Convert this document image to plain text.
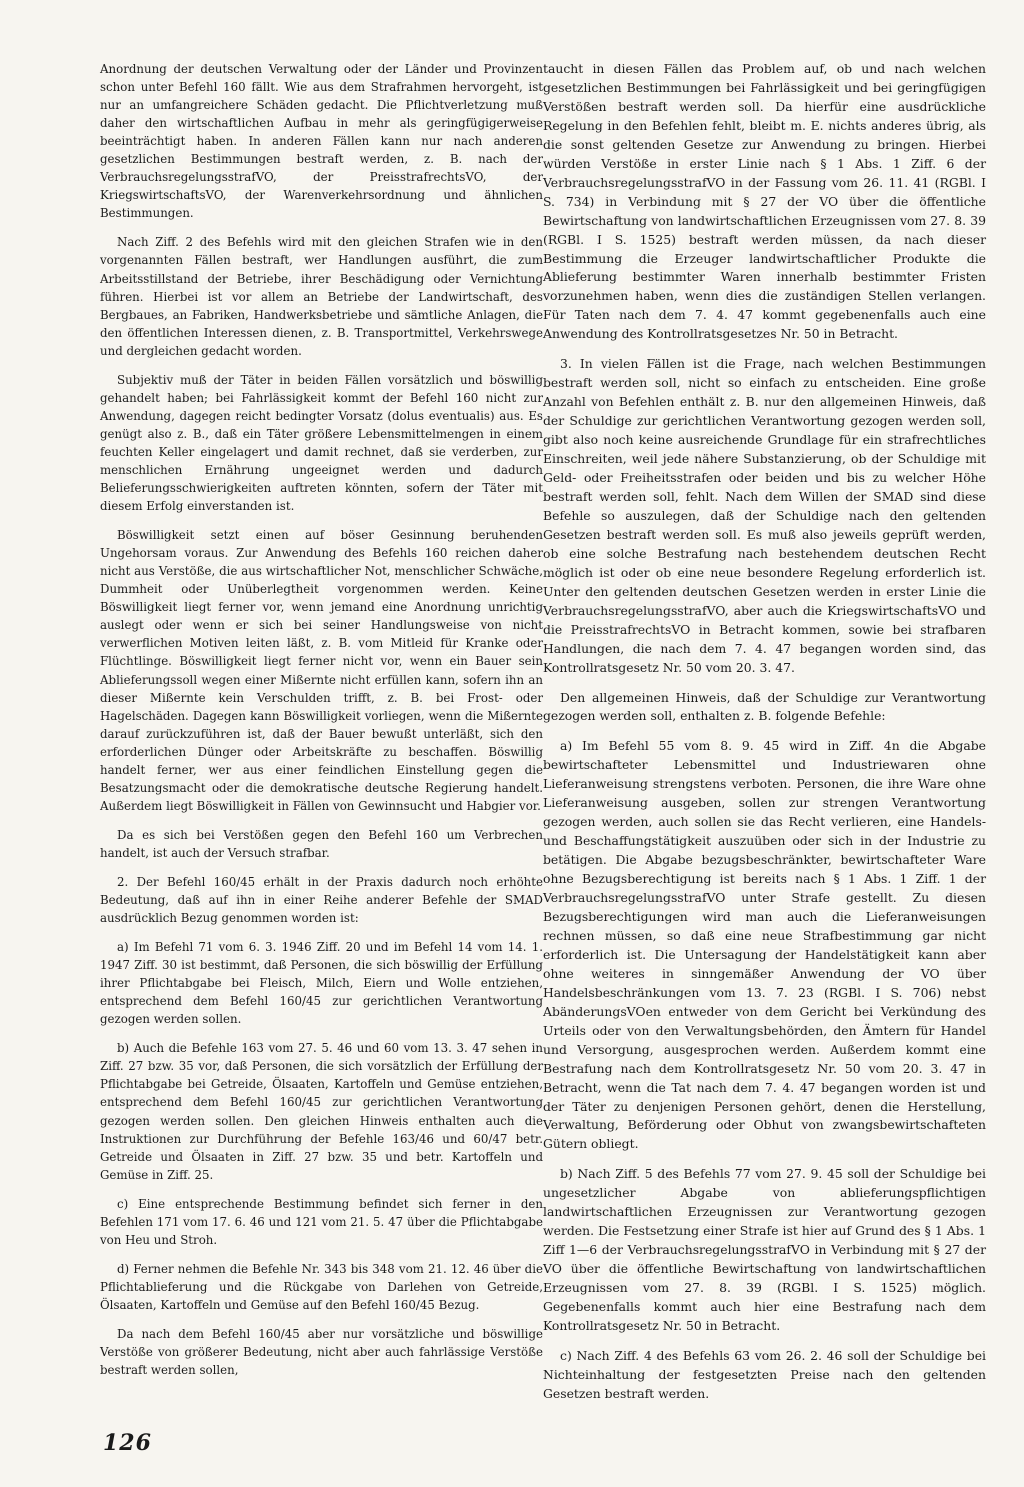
Anordnung der deutschen Verwaltung oder der Länder und Provinzen schon unter Befehl 160 fällt. Wie aus dem Strafrahmen hervorgeht, ist nur an umfangreichere Schäden gedacht. Die Pflichtverletzung muß daher den wirtschaftlichen Aufbau in mehr als geringfügigerweise beeinträchtigt haben. In anderen Fällen kann nur nach anderen gesetzlichen Bestimmungen bestraft werden, z. B. nach der VerbrauchsregelungsstrafVO, der PreisstrafrechtsVO, der KriegswirtschaftsVO, der Warenverkehrsordnung und ähnlichen Bestimmungen.

Nach Ziff. 2 des Befehls wird mit den gleichen Strafen wie in den vorgenannten Fällen bestraft, wer Handlungen ausführt, die zum Arbeitsstillstand der Betriebe, ihrer Beschädigung oder Vernichtung führen. Hierbei ist vor allem an Betriebe der Landwirtschaft, des Bergbaues, an Fabriken, Handwerksbetriebe und sämtliche Anlagen, die den öffentlichen Interessen dienen, z. B. Transportmittel, Verkehrswege und dergleichen gedacht worden.

Subjektiv muß der Täter in beiden Fällen vorsätzlich und böswillig gehandelt haben; bei Fahrlässigkeit kommt der Befehl 160 nicht zur Anwendung, dagegen reicht bedingter Vorsatz (dolus eventualis) aus. Es genügt also z. B., daß ein Täter größere Lebensmittelmengen in einem feuchten Keller eingelagert und damit rechnet, daß sie verderben, zur menschlichen Ernährung ungeeignet werden und dadurch Belieferungsschwierigkeiten auftreten könnten, sofern der Täter mit diesem Erfolg einverstanden ist.

Böswilligkeit setzt einen auf böser Gesinnung beruhenden Ungehorsam voraus. Zur Anwendung des Befehls 160 reichen daher nicht aus Verstöße, die aus wirtschaftlicher Not, menschlicher Schwäche, Dummheit oder Unüberlegtheit vorgenommen werden. Keine Böswilligkeit liegt ferner vor, wenn jemand eine Anordnung unrichtig auslegt oder wenn er sich bei seiner Handlungsweise von nicht verwerflichen Motiven leiten läßt, z. B. vom Mitleid für Kranke oder Flüchtlinge. Böswilligkeit liegt ferner nicht vor, wenn ein Bauer sein Ablieferungssoll wegen einer Mißernte nicht erfüllen kann, sofern ihn an dieser Mißernte kein Verschulden trifft, z. B. bei Frost- oder Hagelschäden. Dagegen kann Böswilligkeit vorliegen, wenn die Mißernte darauf zurückzuführen ist, daß der Bauer bewußt unterläßt, sich den erforderlichen Dünger oder Arbeitskräfte zu beschaffen. Böswillig handelt ferner, wer aus einer feindlichen Einstellung gegen die Besatzungsmacht oder die demokratische deutsche Regierung handelt. Außerdem liegt Böswilligkeit in Fällen von Gewinnsucht und Habgier vor.

Da es sich bei Verstößen gegen den Befehl 160 um Verbrechen handelt, ist auch der Versuch strafbar.

2. Der Befehl 160/45 erhält in der Praxis dadurch noch erhöhte Bedeutung, daß auf ihn in einer Reihe anderer Befehle der SMAD ausdrücklich Bezug genommen worden ist:

a) Im Befehl 71 vom 6. 3. 1946 Ziff. 20 und im Befehl 14 vom 14. 1. 1947 Ziff. 30 ist bestimmt, daß Personen, die sich böswillig der Erfüllung ihrer Pflichtabgabe bei Fleisch, Milch, Eiern und Wolle entziehen, entsprechend dem Befehl 160/45 zur gerichtlichen Verantwortung gezogen werden sollen.

b) Auch die Befehle 163 vom 27. 5. 46 und 60 vom 13. 3. 47 sehen in Ziff. 27 bzw. 35 vor, daß Personen, die sich vorsätzlich der Erfüllung der Pflichtabgabe bei Getreide, Ölsaaten, Kartoffeln und Gemüse entziehen, entsprechend dem Befehl 160/45 zur gerichtlichen Verantwortung gezogen werden sollen. Den gleichen Hinweis enthalten auch die Instruktionen zur Durchführung der Befehle 163/46 und 60/47 betr. Getreide und Ölsaaten in Ziff. 27 bzw. 35 und betr. Kartoffeln und Gemüse in Ziff. 25.

c) Eine entsprechende Bestimmung befindet sich ferner in den Befehlen 171 vom 17. 6. 46 und 121 vom 21. 5. 47 über die Pflichtabgabe von Heu und Stroh.

d) Ferner nehmen die Befehle Nr. 343 bis 348 vom 21. 12. 46 über die Pflichtablieferung und die Rückgabe von Darlehen von Getreide, Ölsaaten, Kartoffeln und Gemüse auf den Befehl 160/45 Bezug.

Da nach dem Befehl 160/45 aber nur vorsätzliche und böswillige Verstöße von größerer Bedeutung, nicht aber auch fahrlässige Verstöße bestraft werden sollen,

taucht in diesen Fällen das Problem auf, ob und nach welchen gesetzlichen Bestimmungen bei Fahrlässigkeit und bei geringfügigen Verstößen bestraft werden soll. Da hierfür eine ausdrückliche Regelung in den Befehlen fehlt, bleibt m. E. nichts anderes übrig, als die sonst geltenden Gesetze zur Anwendung zu bringen. Hierbei würden Verstöße in erster Linie nach § 1 Abs. 1 Ziff. 6 der VerbrauchsregelungsstrafVO in der Fassung vom 26. 11. 41 (RGBl. I S. 734) in Verbindung mit § 27 der VO über die öffentliche Bewirtschaftung von landwirtschaftlichen Erzeugnissen vom 27. 8. 39 (RGBl. I S. 1525) bestraft werden müssen, da nach dieser Bestimmung die Erzeuger landwirtschaftlicher Produkte die Ablieferung bestimmter Waren innerhalb bestimmter Fristen vorzunehmen haben, wenn dies die zuständigen Stellen verlangen. Für Taten nach dem 7. 4. 47 kommt gegebenenfalls auch eine Anwendung des Kontrollratsgesetzes Nr. 50 in Betracht.

3. In vielen Fällen ist die Frage, nach welchen Bestimmungen bestraft werden soll, nicht so einfach zu entscheiden. Eine große Anzahl von Befehlen enthält z. B. nur den allgemeinen Hinweis, daß der Schuldige zur gerichtlichen Verantwortung gezogen werden soll, gibt also noch keine ausreichende Grundlage für ein strafrechtliches Einschreiten, weil jede nähere Substanzierung, ob der Schuldige mit Geld- oder Freiheitsstrafen oder beiden und bis zu welcher Höhe bestraft werden soll, fehlt. Nach dem Willen der SMAD sind diese Befehle so auszulegen, daß der Schuldige nach den geltenden Gesetzen bestraft werden soll. Es muß also jeweils geprüft werden, ob eine solche Bestrafung nach bestehendem deutschen Recht möglich ist oder ob eine neue besondere Regelung erforderlich ist. Unter den geltenden deutschen Gesetzen werden in erster Linie die VerbrauchsregelungsstrafVO, aber auch die KriegswirtschaftsVO und die PreisstrafrechtsVO in Betracht kommen, sowie bei strafbaren Handlungen, die nach dem 7. 4. 47 begangen worden sind, das Kontrollratsgesetz Nr. 50 vom 20. 3. 47.

Den allgemeinen Hinweis, daß der Schuldige zur Verantwortung gezogen werden soll, enthalten z. B. folgende Befehle:

a) Im Befehl 55 vom 8. 9. 45 wird in Ziff. 4n die Abgabe bewirtschafteter Lebensmittel und Industriewaren ohne Lieferanweisung strengstens verboten. Personen, die ihre Ware ohne Lieferanweisung ausgeben, sollen zur strengen Verantwortung gezogen werden, auch sollen sie das Recht verlieren, eine Handels- und Beschaffungstätigkeit auszuüben oder sich in der Industrie zu betätigen. Die Abgabe bezugsbeschränkter, bewirtschafteter Ware ohne Bezugsberechtigung ist bereits nach § 1 Abs. 1 Ziff. 1 der VerbrauchsregelungsstrafVO unter Strafe gestellt. Zu diesen Bezugsberechtigungen wird man auch die Lieferanweisungen rechnen müssen, so daß eine neue Strafbestimmung gar nicht erforderlich ist. Die Untersagung der Handelstätigkeit kann aber ohne weiteres in sinngemäßer Anwendung der VO über Handelsbeschränkungen vom 13. 7. 23 (RGBl. I S. 706) nebst AbänderungsVOen entweder von dem Gericht bei Verkündung des Urteils oder von den Verwaltungsbehörden, den Ämtern für Handel und Versorgung, ausgesprochen werden. Außerdem kommt eine Bestrafung nach dem Kontrollratsgesetz Nr. 50 vom 20. 3. 47 in Betracht, wenn die Tat nach dem 7. 4. 47 begangen worden ist und der Täter zu denjenigen Personen gehört, denen die Herstellung, Verwaltung, Beförderung oder Obhut von zwangsbewirtschafteten Gütern obliegt.

b) Nach Ziff. 5 des Befehls 77 vom 27. 9. 45 soll der Schuldige bei ungesetzlicher Abgabe von ablieferungspflichtigen landwirtschaftlichen Erzeugnissen zur Verantwortung gezogen werden. Die Festsetzung einer Strafe ist hier auf Grund des § 1 Abs. 1 Ziff 1—6 der VerbrauchsregelungsstrafVO in Verbindung mit § 27 der VO über die öffentliche Bewirtschaftung von landwirtschaftlichen Erzeugnissen vom 27. 8. 39 (RGBl. I S. 1525) möglich. Gegebenenfalls kommt auch hier eine Bestrafung nach dem Kontrollratsgesetz Nr. 50 in Betracht.

c) Nach Ziff. 4 des Befehls 63 vom 26. 2. 46 soll der Schuldige bei Nichteinhaltung der festgesetzten Preise nach den geltenden Gesetzen bestraft werden.

126
